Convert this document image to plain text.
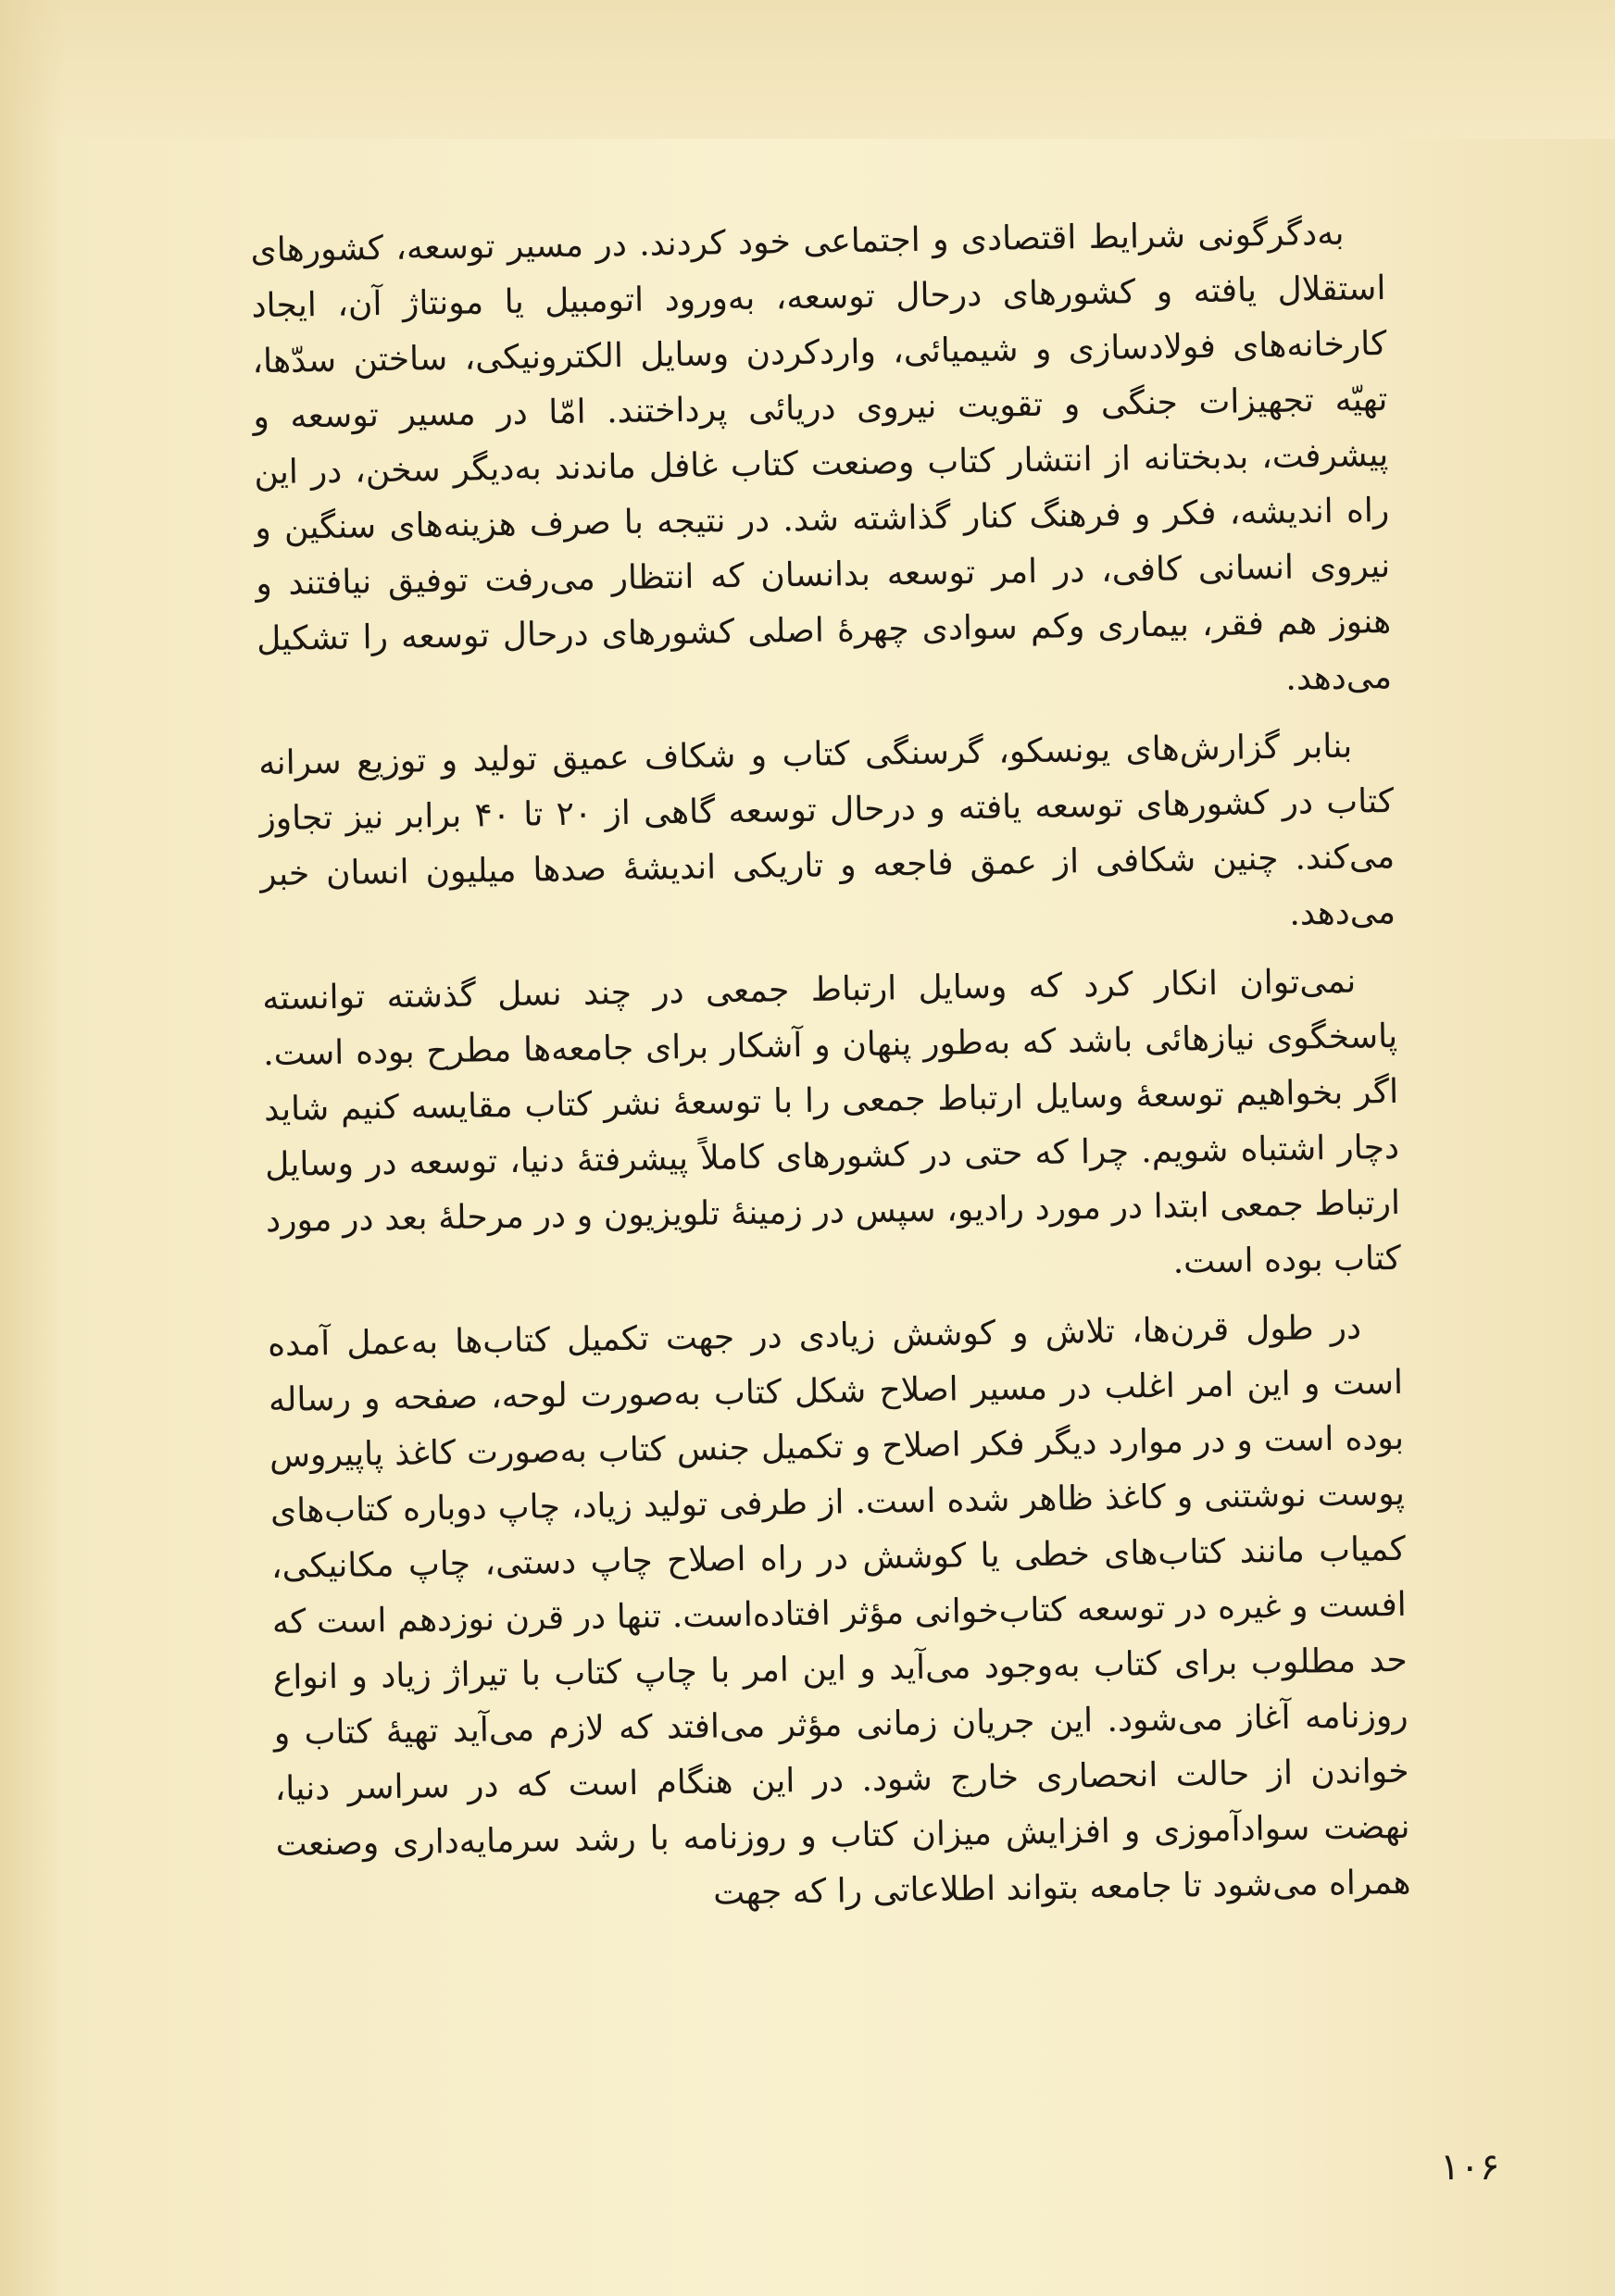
به‌دگرگونی شرایط اقتصادی و اجتماعی خود کردند. در مسیر توسعه، کشورهای استقلال یافته و کشورهای درحال توسعه، به‌ورود اتومبیل یا مونتاژ آن، ایجاد کارخانه‌های فولادسازی و شیمیائی، واردکردن وسایل الکترونیکی، ساختن سدّها، تهیّه تجهیزات جنگی و تقویت نیروی دریائی پرداختند. امّا در مسیر توسعه و پیشرفت، بدبختانه از انتشار کتاب وصنعت کتاب غافل ماندند به‌دیگر سخن، در این راه اندیشه، فکر و فرهنگ کنار گذاشته شد. در نتیجه با صرف هزینه‌های سنگین و نیروی انسانی کافی، در امر توسعه بدانسان که انتظار می‌رفت توفیق نیافتند و هنوز هم فقر، بیماری وکم سوادی چهرهٔ اصلی کشورهای درحال توسعه را تشکیل می‌دهد.

بنابر گزارش‌های یونسکو، گرسنگی کتاب و شکاف عمیق تولید و توزیع سرانه کتاب در کشورهای توسعه یافته و درحال توسعه گاهی از ۲۰ تا ۴۰ برابر نیز تجاوز می‌کند. چنین شکافی از عمق فاجعه و تاریکی اندیشهٔ صدها میلیون انسان خبر می‌دهد.

نمی‌توان انکار کرد که وسایل ارتباط جمعی در چند نسل گذشته توانسته پاسخگوی نیازهائی باشد که به‌طور پنهان و آشکار برای جامعه‌ها مطرح بوده است. اگر بخواهیم توسعهٔ وسایل ارتباط جمعی را با توسعهٔ نشر کتاب مقایسه کنیم شاید دچار اشتباه شویم. چرا که حتی در کشورهای کاملاً پیشرفتهٔ دنیا، توسعه در وسایل ارتباط جمعی ابتدا در مورد رادیو، سپس در زمینهٔ تلویزیون و در مرحلهٔ بعد در مورد کتاب بوده است.

در طول قرن‌ها، تلاش و کوشش زیادی در جهت تکمیل کتاب‌ها به‌عمل آمده است و این امر اغلب در مسیر اصلاح شکل کتاب به‌صورت لوحه، صفحه و رساله بوده است و در موارد دیگر فکر اصلاح و تکمیل جنس کتاب به‌صورت کاغذ پاپیروس پوست نوشتنی و کاغذ ظاهر شده است. از طرفی تولید زیاد، چاپ دوباره کتاب‌های کمیاب مانند کتاب‌های خطی یا کوشش در راه اصلاح چاپ دستی، چاپ مکانیکی، افست و غیره در توسعه کتاب‌خوانی مؤثر افتاده‌است. تنها در قرن نوزدهم است که حد مطلوب برای کتاب به‌وجود می‌آید و این امر با چاپ کتاب با تیراژ زیاد و انواع روزنامه آغاز می‌شود. این جریان زمانی مؤثر می‌افتد که لازم می‌آید تهیهٔ کتاب و خواندن از حالت انحصاری خارج شود. در این هنگام است که در سراسر دنیا، نهضت سوادآموزی و افزایش میزان کتاب و روزنامه با رشد سرمایه‌داری وصنعت همراه می‌شود تا جامعه بتواند اطلاعاتی را که جهت

۱۰۶
